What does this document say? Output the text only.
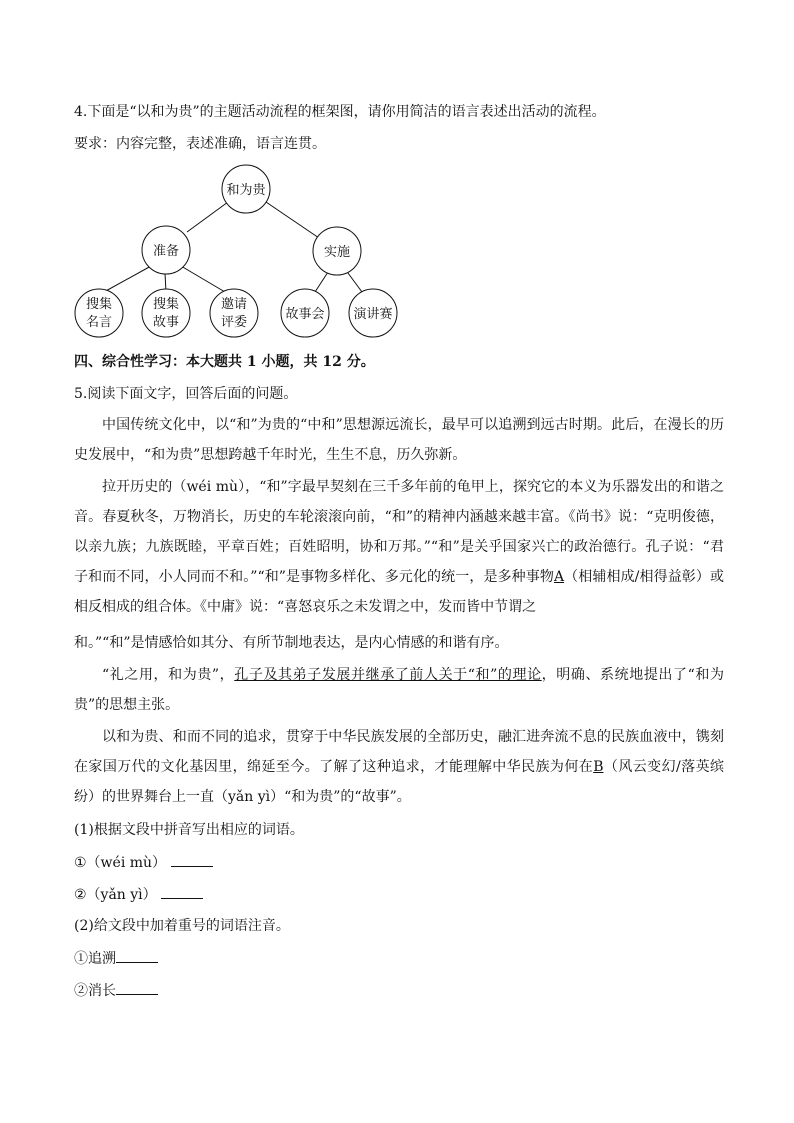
4.下面是“以和为贵”的主题活动流程的框架图，请你用简洁的语言表述出活动的流程。
要求：内容完整，表述准确，语言连贯。
和为贵
准备	实施
搜集
名言
搜集
故事
邀请
评委
故事会 演讲赛
四、综合性学习：本大题共 1 小题，共 12 分。
5.阅读下面文字，回答后面的问题。
中国传统文化中，以“和”为贵的“中和”思想源远流长，最早可以追溯到远古时期。此后，在漫长的历史发展中，“和为贵”思想跨越千年时光，生生不息，历久弥新。
拉开历史的（wéi mù），“和”字最早契刻在三千多年前的龟甲上，探究它的本义为乐器发出的和谐之音。春夏秋冬，万物消长，历史的车轮滚滚向前，“和”的精神内涵越来越丰富。《尚书》说：“克明俊德，以亲九族；九族既睦，平章百姓；百姓昭明，协和万邦。”“和”是关乎国家兴亡的政治德行。孔子说：“君子和而不同，小人同而不和。”“和”是事物多样化、多元化的统一，是多种事物A（相辅相成/相得益彰）或相反相成的组合体。《中庸》说：“喜怒哀乐之未发谓之中，发而皆中节谓之
和。”“和”是情感恰如其分、有所节制地表达，是内心情感的和谐有序。
“礼之用，和为贵”，孔子及其弟子发展并继承了前人关于“和”的理论，明确、系统地提出了“和为贵”的思想主张。
以和为贵、和而不同的追求，贯穿于中华民族发展的全部历史，融汇进奔流不息的民族血液中，镌刻在家国万代的文化基因里，绵延至今。了解了这种追求，才能理解中华民族为何在B（风云变幻/落英缤纷）的世界舞台上一直（yǎn yì）“和为贵”的“故事”。
(1)根据文段中拼音写出相应的词语。
①（wéi mù）
②（yǎn yì）
(2)给文段中加着重号的词语注音。
①追溯
②消长
